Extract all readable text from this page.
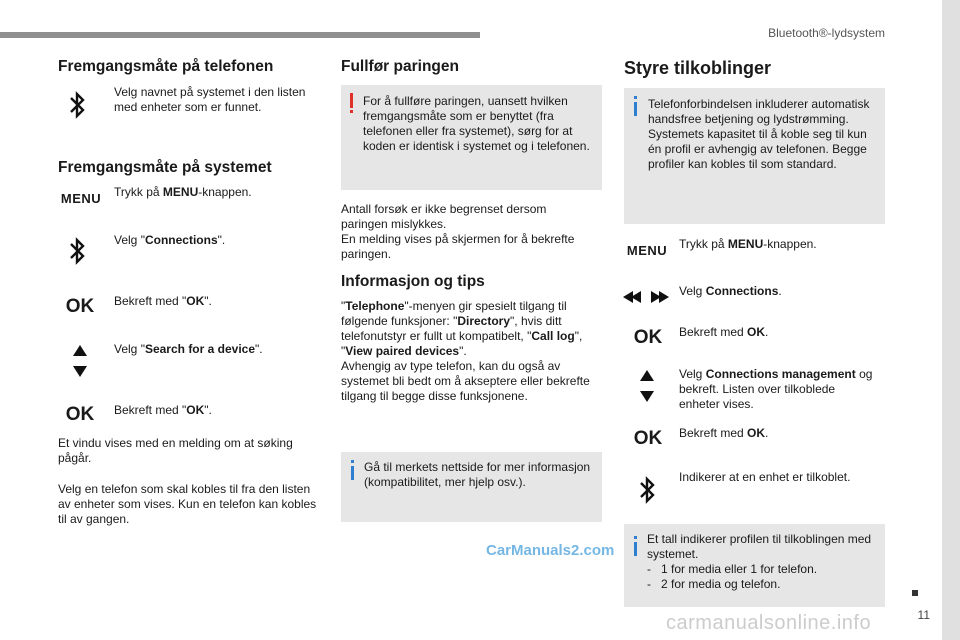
Bluetooth®-lydsystem
11
Fremgangsmåte på telefonen

Velg navnet på systemet i den listen med enheter som er funnet.

Fremgangsmåte på systemet
MENU Trykk på MENU-knappen.

Velg "Connections".

OK	Bekreft med "OK".

Velg "Search for a device".

OK	Bekreft med "OK".

Et vindu vises med en melding om at søking pågår.

Velg en telefon som skal kobles til fra den listen av enheter som vises. Kun en telefon kan kobles til av gangen.

Fullfør paringen

For å fullføre paringen, uansett hvilken fremgangsmåte som er benyttet (fra telefonen eller fra systemet), sørg for at koden er identisk i systemet og i telefonen.

Antall forsøk er ikke begrenset dersom paringen mislykkes.
En melding vises på skjermen for å bekrefte paringen.

Informasjon og tips

"Telephone"-menyen gir spesielt tilgang til følgende funksjoner: "Directory", hvis ditt telefonutstyr er fullt ut kompatibelt, "Call log", "View paired devices".
Avhengig av type telefon, kan du også av systemet bli bedt om å akseptere eller bekrefte tilgang til begge disse funksjonene.

Gå til merkets nettside for mer informasjon (kompatibilitet, mer hjelp osv.).

Styre tilkoblinger

Telefonforbindelsen inkluderer automatisk handsfree betjening og lydstrømming. Systemets kapasitet til å koble seg til kun én profil er avhengig av telefonen. Begge profiler kan kobles til som standard.

MENU Trykk på MENU-knappen.

Velg Connections.

OK	Bekreft med OK.

Velg Connections management og bekreft. Listen over tilkoblede enheter vises.

OK	Bekreft med OK.

Indikerer at en enhet er tilkoblet.

Et tall indikerer profilen til tilkoblingen med systemet.
-	1 for media eller 1 for telefon.
-	2 for media og telefon.

CarManuals2.com
carmanualsonline.info
